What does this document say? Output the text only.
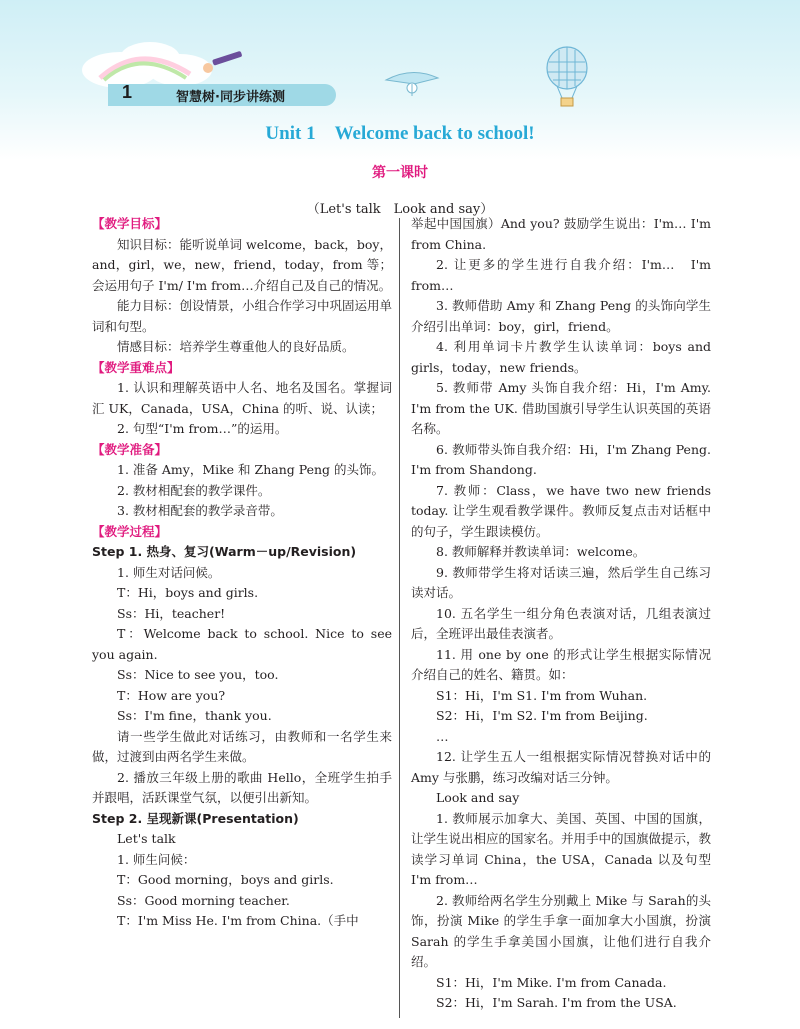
1	智慧树·同步讲练测
Unit 1　Welcome back to school!
第一课时
（Let's talk　Look and say）

【教学目标】

知识目标：能听说单词 welcome，back，boy，and，girl，we，new，friend，today，from 等；会运用句子 I'm/ I'm from…介绍自己及自己的情况。

能力目标：创设情景，小组合作学习中巩固运用单词和句型。

情感目标：培养学生尊重他人的良好品质。

【教学重难点】

1. 认识和理解英语中人名、地名及国名。掌握词汇 UK，Canada，USA，China 的听、说、认读；

2. 句型“I'm from…”的运用。

【教学准备】

1. 准备 Amy，Mike 和 Zhang Peng 的头饰。

2. 教材相配套的教学课件。

3. 教材相配套的教学录音带。

【教学过程】

Step 1. 热身、复习(Warm－up/Revision)

1. 师生对话问候。

T：Hi，boys and girls.

Ss：Hi，teacher!

T：Welcome back to school. Nice to see you again.

Ss：Nice to see you，too.

T：How are you?

Ss：I'm fine，thank you.

请一些学生做此对话练习，由教师和一名学生来做，过渡到由两名学生来做。

2. 播放三年级上册的歌曲 Hello，全班学生拍手并跟唱，活跃课堂气氛，以便引出新知。

Step 2. 呈现新课(Presentation)

Let's talk

1. 师生问候：

T：Good morning，boys and girls.

Ss：Good morning teacher.

T：I'm Miss He. I'm from China.（手中

举起中国国旗）And you? 鼓励学生说出：I'm… I'm from China.

2. 让更多的学生进行自我介绍：I'm…　I'm from…

3. 教师借助 Amy 和 Zhang Peng 的头饰向学生介绍引出单词：boy，girl，friend。

4. 利用单词卡片教学生认读单词：boys and girls，today，new friends。

5. 教师带 Amy 头饰自我介绍：Hi，I'm Amy. I'm from the UK. 借助国旗引导学生认识英国的英语名称。

6. 教师带头饰自我介绍：Hi，I'm Zhang Peng. I'm from Shandong.

7. 教师：Class，we have two new friends today. 让学生观看教学课件。教师反复点击对话框中的句子，学生跟读模仿。

8. 教师解释并教读单词：welcome。

9. 教师带学生将对话读三遍，然后学生自己练习读对话。

10. 五名学生一组分角色表演对话，几组表演过后，全班评出最佳表演者。

11. 用 one by one 的形式让学生根据实际情况介绍自己的姓名、籍贯。如：

S1：Hi，I'm S1. I'm from Wuhan.

S2：Hi，I'm S2. I'm from Beijing.

…

12. 让学生五人一组根据实际情况替换对话中的 Amy 与张鹏，练习改编对话三分钟。

Look and say

1. 教师展示加拿大、美国、英国、中国的国旗，让学生说出相应的国家名。并用手中的国旗做提示，教读学习单词 China，the USA，Canada 以及句型 I'm from…

2. 教师给两名学生分别戴上 Mike 与 Sarah的头饰，扮演 Mike 的学生手拿一面加拿大小国旗，扮演 Sarah 的学生手拿美国小国旗，让他们进行自我介绍。

S1：Hi，I'm Mike. I'm from Canada.

S2：Hi，I'm Sarah. I'm from the USA.
